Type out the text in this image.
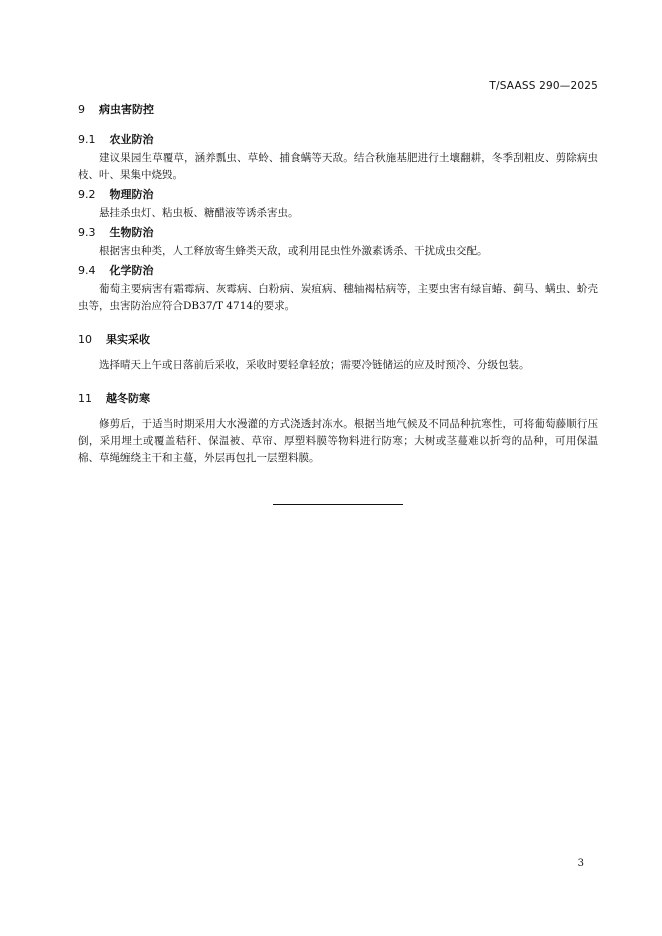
T/SAASS 290—2025
9 病虫害防控
9.1 农业防治

建议果园生草覆草，涵养瓢虫、草蛉、捕食螨等天敌。结合秋施基肥进行土壤翻耕，冬季刮粗皮、剪除病虫枝、叶、果集中烧毁。

9.2 物理防治

悬挂杀虫灯、粘虫板、糖醋液等诱杀害虫。

9.3 生物防治

根据害虫种类，人工释放寄生蜂类天敌，或利用昆虫性外激素诱杀、干扰成虫交配。

9.4 化学防治

葡萄主要病害有霜霉病、灰霉病、白粉病、炭疽病、穗轴褐枯病等，主要虫害有绿盲蝽、蓟马、螨虫、蚧壳虫等，虫害防治应符合DB37/T 4714的要求。

10 果实采收

选择晴天上午或日落前后采收，采收时要轻拿轻放；需要冷链储运的应及时预冷、分级包装。

11 越冬防寒

修剪后，于适当时期采用大水漫灌的方式浇透封冻水。根据当地气候及不同品种抗寒性，可将葡萄藤顺行压倒，采用埋土或覆盖秸秆、保温被、草帘、厚塑料膜等物料进行防寒；大树或茎蔓难以折弯的品种，可用保温棉、草绳缠绕主干和主蔓，外层再包扎一层塑料膜。

3
